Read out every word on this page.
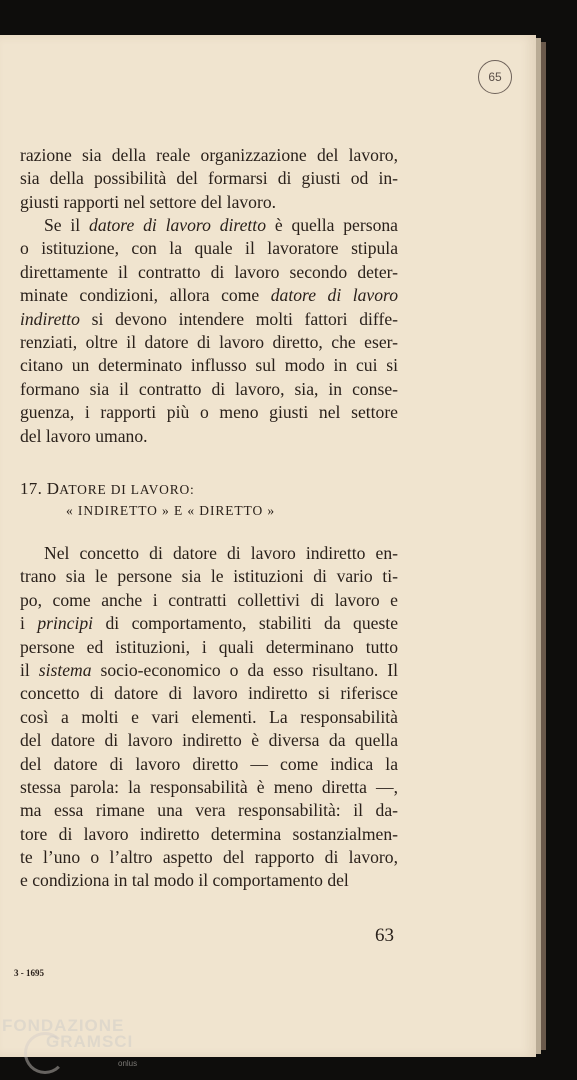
65
razione sia della reale organizzazione del lavoro,
sia della possibilità del formarsi di giusti od in-
giusti rapporti nel settore del lavoro.
Se il datore di lavoro diretto è quella persona
o istituzione, con la quale il lavoratore stipula
direttamente il contratto di lavoro secondo deter-
minate condizioni, allora come datore di lavoro
indiretto si devono intendere molti fattori diffe-
renziati, oltre il datore di lavoro diretto, che eser-
citano un determinato influsso sul modo in cui si
formano sia il contratto di lavoro, sia, in conse-
guenza, i rapporti più o meno giusti nel settore
del lavoro umano.
17. DATORE DI LAVORO:
« INDIRETTO » E « DIRETTO »
Nel concetto di datore di lavoro indiretto en-
trano sia le persone sia le istituzioni di vario ti-
po, come anche i contratti collettivi di lavoro e
i principi di comportamento, stabiliti da queste
persone ed istituzioni, i quali determinano tutto
il sistema socio-economico o da esso risultano. Il
concetto di datore di lavoro indiretto si riferisce
così a molti e vari elementi. La responsabilità
del datore di lavoro indiretto è diversa da quella
del datore di lavoro diretto — come indica la
stessa parola: la responsabilità è meno diretta —,
ma essa rimane una vera responsabilità: il da-
tore di lavoro indiretto determina sostanzialmen-
te l’uno o l’altro aspetto del rapporto di lavoro,
e condiziona in tal modo il comportamento del
63
3 - 1695
FONDAZIONE
GRAMSCI
onlus
